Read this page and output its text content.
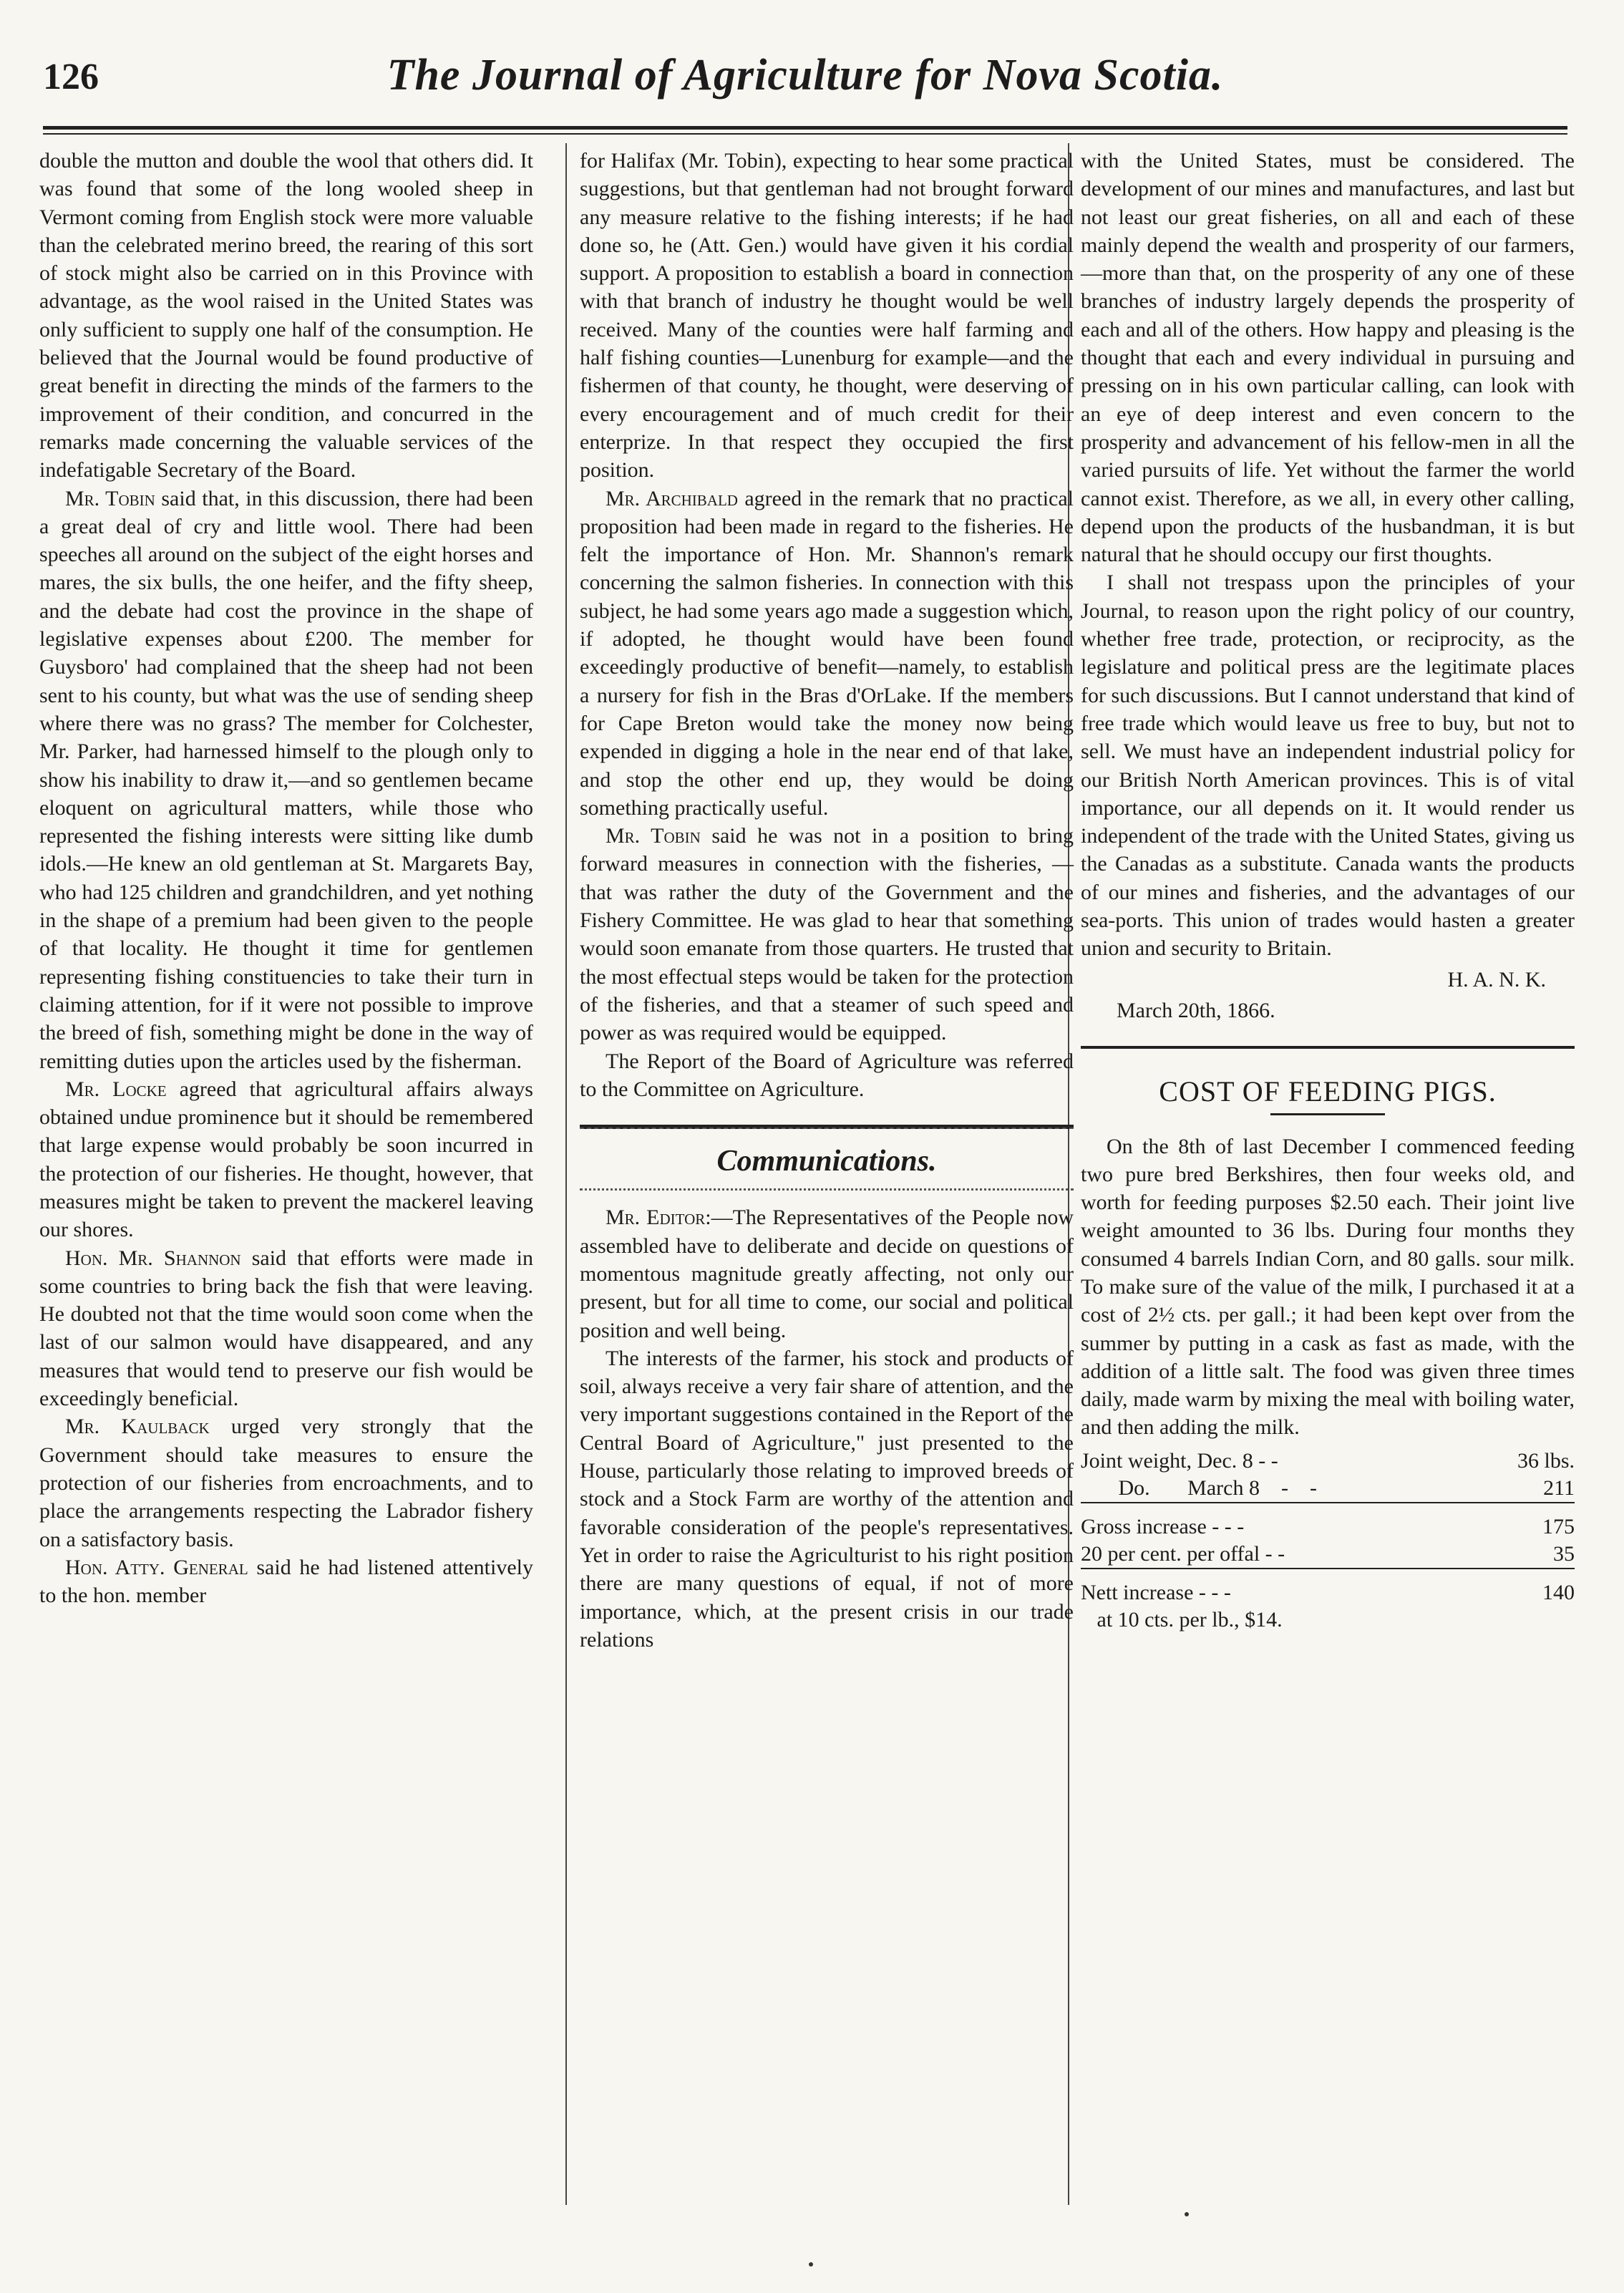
126	The Journal of Agriculture for Nova Scotia.

double the mutton and double the wool that others did. It was found that some of the long wooled sheep in Vermont coming from English stock were more valuable than the celebrated merino breed, the rearing of this sort of stock might also be carried on in this Province with advantage, as the wool raised in the United States was only sufficient to supply one half of the consumption. He believed that the Journal would be found productive of great benefit in directing the minds of the farmers to the improvement of their condition, and concurred in the remarks made concerning the valuable services of the indefatigable Secretary of the Board.

Mr. Tobin said that, in this discussion, there had been a great deal of cry and little wool. There had been speeches all around on the subject of the eight horses and mares, the six bulls, the one heifer, and the fifty sheep, and the debate had cost the province in the shape of legislative expenses about £200. The member for Guysboro' had complained that the sheep had not been sent to his county, but what was the use of sending sheep where there was no grass? The member for Colchester, Mr. Parker, had harnessed himself to the plough only to show his inability to draw it,—and so gentlemen became eloquent on agricultural matters, while those who represented the fishing interests were sitting like dumb idols.—He knew an old gentleman at St. Margarets Bay, who had 125 children and grandchildren, and yet nothing in the shape of a premium had been given to the people of that locality. He thought it time for gentlemen representing fishing constituencies to take their turn in claiming attention, for if it were not possible to improve the breed of fish, something might be done in the way of remitting duties upon the articles used by the fisherman.

Mr. Locke agreed that agricultural affairs always obtained undue prominence but it should be remembered that large expense would probably be soon incurred in the protection of our fisheries. He thought, however, that measures might be taken to prevent the mackerel leaving our shores.

Hon. Mr. Shannon said that efforts were made in some countries to bring back the fish that were leaving. He doubted not that the time would soon come when the last of our salmon would have disappeared, and any measures that would tend to preserve our fish would be exceedingly beneficial.

Mr. Kaulback urged very strongly that the Government should take measures to ensure the protection of our fisheries from encroachments, and to place the arrangements respecting the Labrador fishery on a satisfactory basis.

Hon. Atty. General said he had listened attentively to the hon. member

for Halifax (Mr. Tobin), expecting to hear some practical suggestions, but that gentleman had not brought forward any measure relative to the fishing interests; if he had done so, he (Att. Gen.) would have given it his cordial support. A proposition to establish a board in connection with that branch of industry he thought would be well received. Many of the counties were half farming and half fishing counties—Lunenburg for example—and the fishermen of that county, he thought, were deserving of every encouragement and of much credit for their enterprize. In that respect they occupied the first position.

Mr. Archibald agreed in the remark that no practical proposition had been made in regard to the fisheries. He felt the importance of Hon. Mr. Shannon's remark concerning the salmon fisheries. In connection with this subject, he had some years ago made a suggestion which, if adopted, he thought would have been found exceedingly productive of benefit—namely, to establish a nursery for fish in the Bras d'OrLake. If the members for Cape Breton would take the money now being expended in digging a hole in the near end of that lake, and stop the other end up, they would be doing something practically useful.

Mr. Tobin said he was not in a position to bring forward measures in connection with the fisheries, — that was rather the duty of the Government and the Fishery Committee. He was glad to hear that something would soon emanate from those quarters. He trusted that the most effectual steps would be taken for the protection of the fisheries, and that a steamer of such speed and power as was required would be equipped.

The Report of the Board of Agriculture was referred to the Committee on Agriculture.

Communications.

Mr. Editor:—The Representatives of the People now assembled have to deliberate and decide on questions of momentous magnitude greatly affecting, not only our present, but for all time to come, our social and political position and well being.

The interests of the farmer, his stock and products of soil, always receive a very fair share of attention, and the very important suggestions contained in the Report of the Central Board of Agriculture," just presented to the House, particularly those relating to improved breeds of stock and a Stock Farm are worthy of the attention and favorable consideration of the people's representatives. Yet in order to raise the Agriculturist to his right position there are many questions of equal, if not of more importance, which, at the present crisis in our trade relations

with the United States, must be considered. The development of our mines and manufactures, and last but not least our great fisheries, on all and each of these mainly depend the wealth and prosperity of our farmers,—more than that, on the prosperity of any one of these branches of industry largely depends the prosperity of each and all of the others. How happy and pleasing is the thought that each and every individual in pursuing and pressing on in his own particular calling, can look with an eye of deep interest and even concern to the prosperity and advancement of his fellow-men in all the varied pursuits of life. Yet without the farmer the world cannot exist. Therefore, as we all, in every other calling, depend upon the products of the husbandman, it is but natural that he should occupy our first thoughts.

I shall not trespass upon the principles of your Journal, to reason upon the right policy of our country, whether free trade, protection, or reciprocity, as the legislature and political press are the legitimate places for such discussions. But I cannot understand that kind of free trade which would leave us free to buy, but not to sell. We must have an independent industrial policy for our British North American provinces. This is of vital importance, our all depends on it. It would render us independent of the trade with the United States, giving us the Canadas as a substitute. Canada wants the products of our mines and fisheries, and the advantages of our sea-ports. This union of trades would hasten a greater union and security to Britain.

H. A. N. K.
March 20th, 1866.
COST OF FEEDING PIGS.

On the 8th of last December I commenced feeding two pure bred Berkshires, then four weeks old, and worth for feeding purposes $2.50 each. Their joint live weight amounted to 36 lbs. During four months they consumed 4 barrels Indian Corn, and 80 galls. sour milk. To make sure of the value of the milk, I purchased it at a cost of 2½ cts. per gall.; it had been kept over from the summer by putting in a cask as fast as made, with the addition of a little salt. The food was given three times daily, made warm by mixing the meal with boiling water, and then adding the milk.

Joint weight, Dec. 8 - -	36 lbs.
Do.       March 8    -    -	211
Gross increase - - -	175
20 per cent. per offal - -	35
Nett increase - - -	140
at 10 cts. per lb., $14.	
